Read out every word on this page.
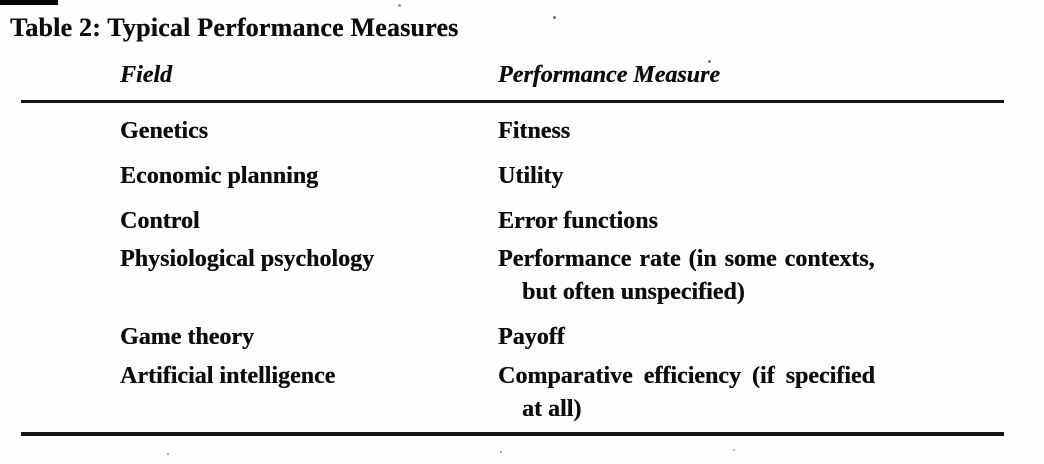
Table 2: Typical Performance Measures
Field	Performance Measure
Genetics	Fitness
Economic planning	Utility
Control	Error functions
Physiological psychology	Performance rate (in some contexts,
but often unspecified)
Game theory	Payoff
Artificial intelligence	Comparative efficiency (if specified
at all)
